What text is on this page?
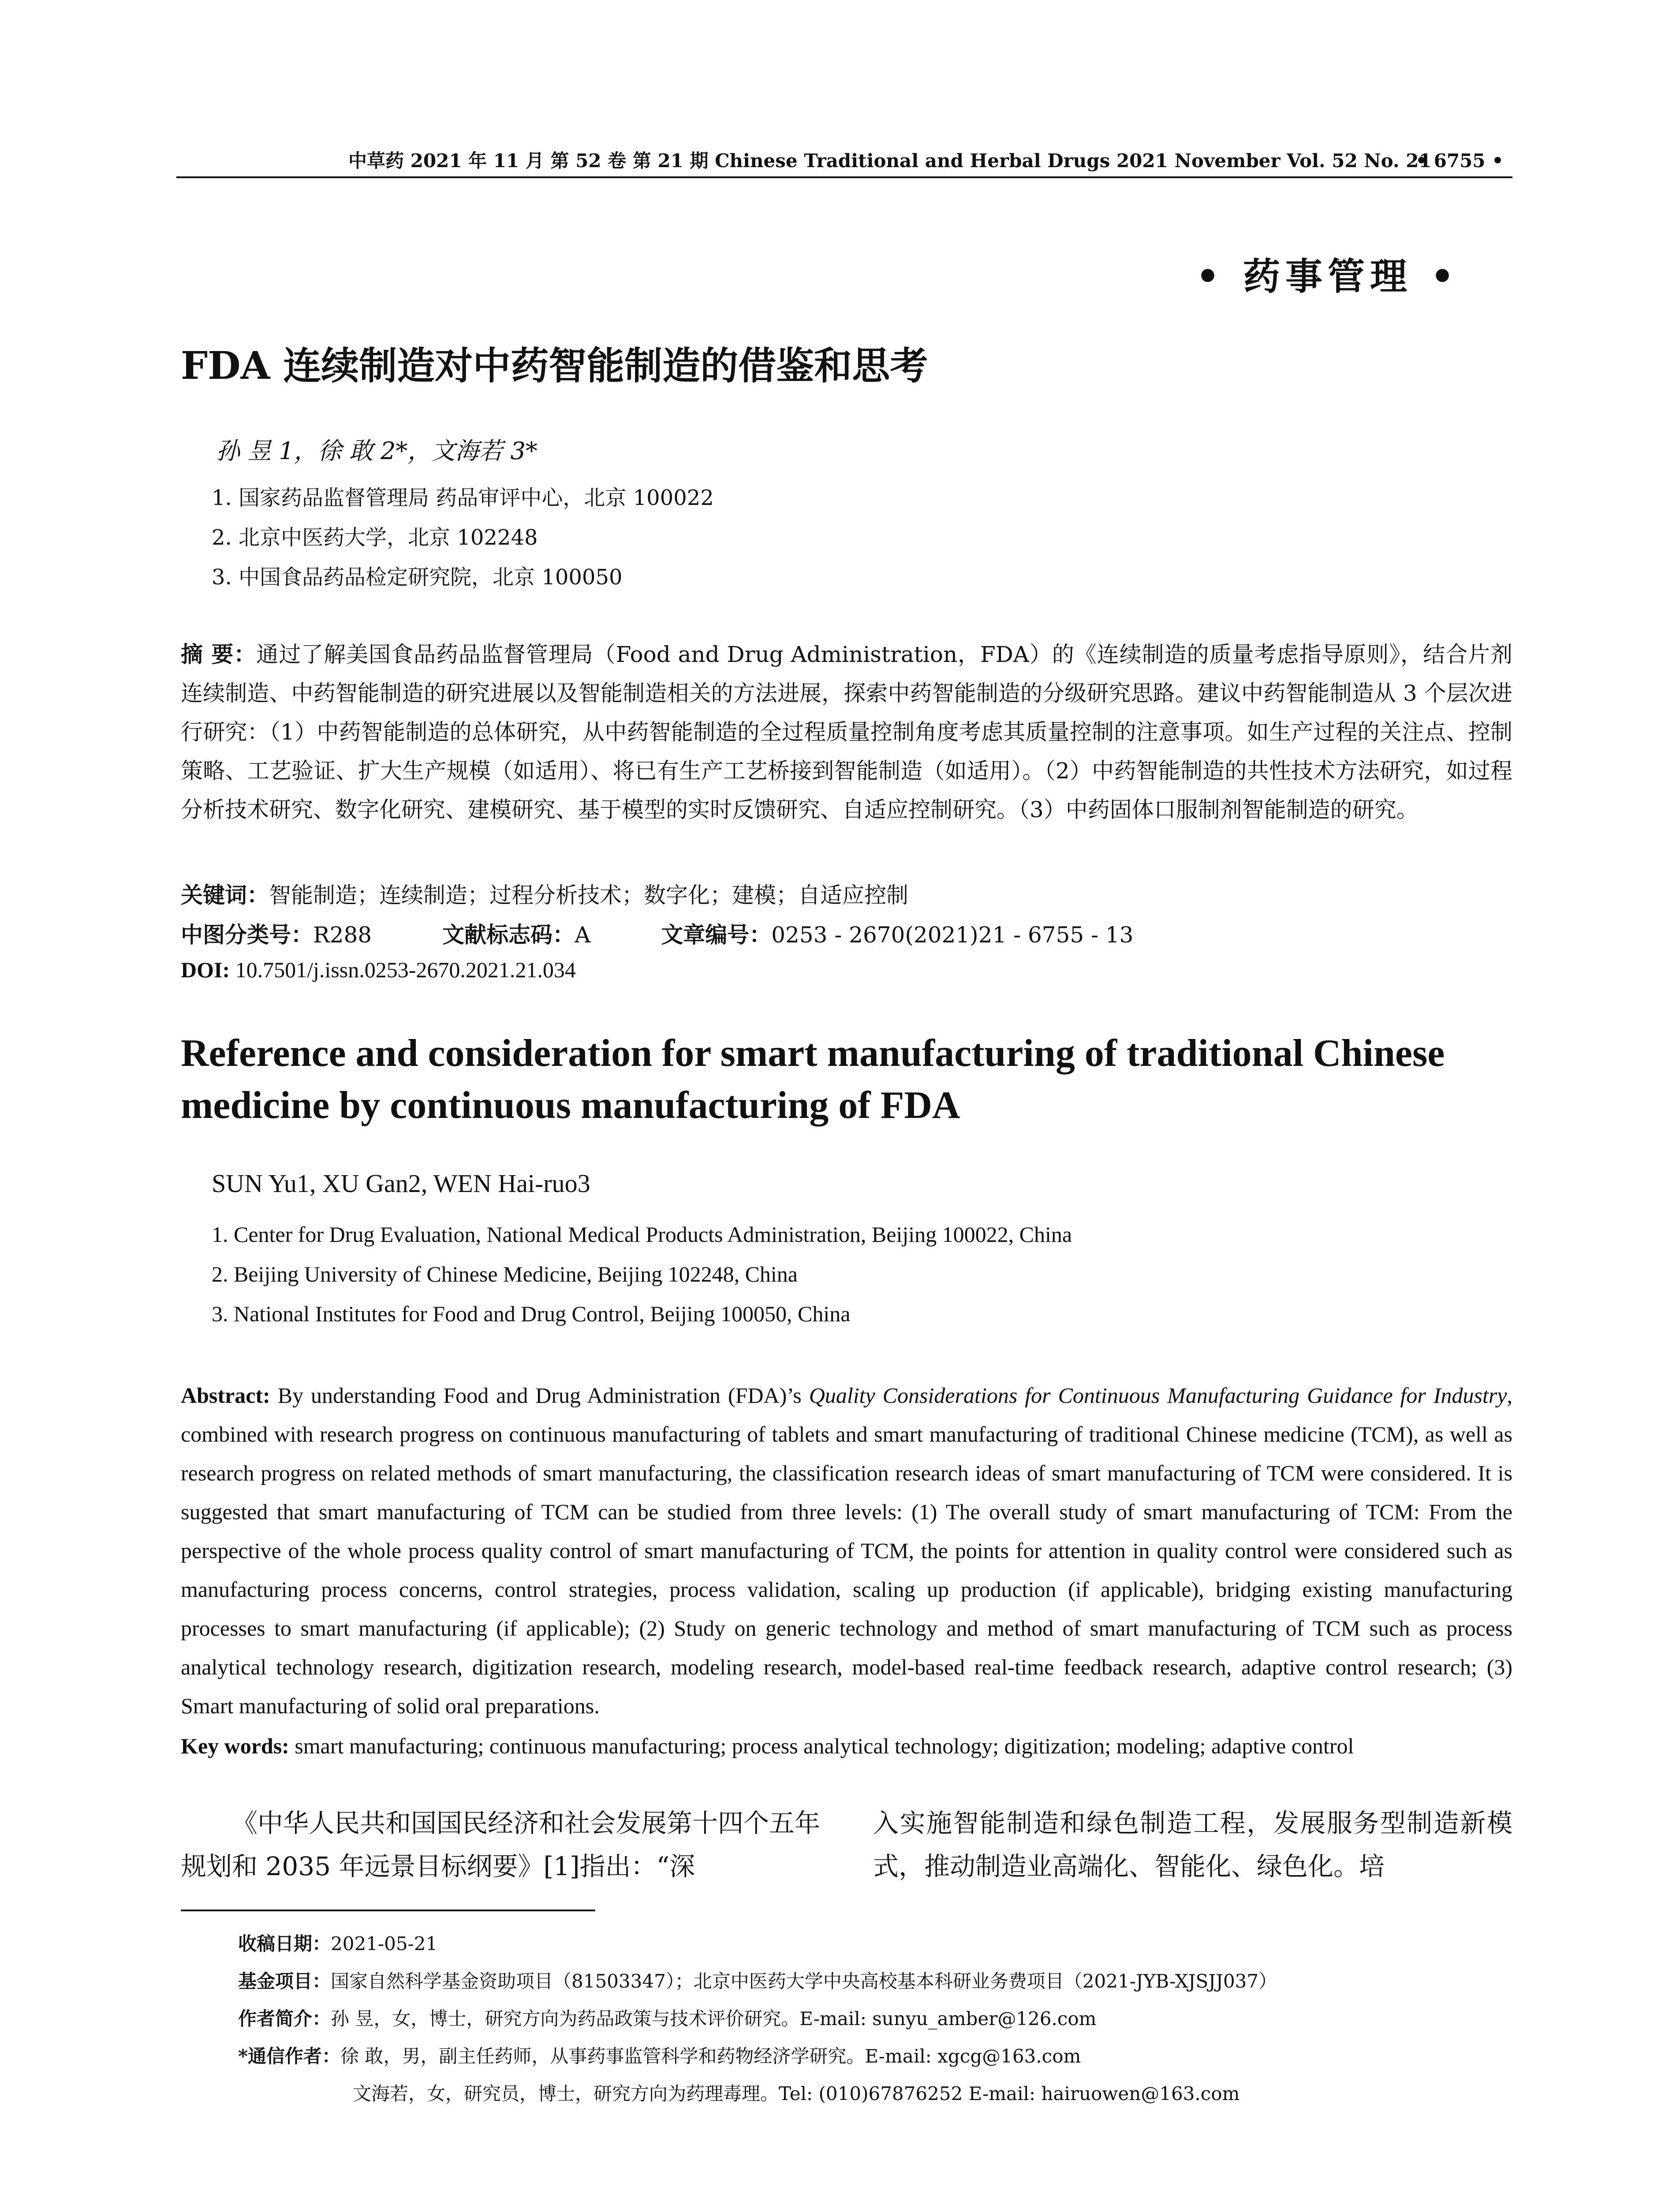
中草药 2021 年 11 月 第 52 卷 第 21 期 Chinese Traditional and Herbal Drugs 2021 November Vol. 52 No. 21
• 6755 •
• 药事管理 •
FDA 连续制造对中药智能制造的借鉴和思考
孙 昱 1，徐 敢 2*，文海若 3*
1. 国家药品监督管理局 药品审评中心，北京 100022
2. 北京中医药大学，北京 102248
3. 中国食品药品检定研究院，北京 100050
摘 要：通过了解美国食品药品监督管理局（Food and Drug Administration，FDA）的《连续制造的质量考虑指导原则》，结合片剂连续制造、中药智能制造的研究进展以及智能制造相关的方法进展，探索中药智能制造的分级研究思路。建议中药智能制造从 3 个层次进行研究：（1）中药智能制造的总体研究，从中药智能制造的全过程质量控制角度考虑其质量控制的注意事项。如生产过程的关注点、控制策略、工艺验证、扩大生产规模（如适用）、将已有生产工艺桥接到智能制造（如适用）。（2）中药智能制造的共性技术方法研究，如过程分析技术研究、数字化研究、建模研究、基于模型的实时反馈研究、自适应控制研究。（3）中药固体口服制剂智能制造的研究。
关键词：智能制造；连续制造；过程分析技术；数字化；建模；自适应控制
中图分类号：R288	文献标志码：A	文章编号：0253 - 2670(2021)21 - 6755 - 13
DOI: 10.7501/j.issn.0253-2670.2021.21.034
Reference and consideration for smart manufacturing of traditional Chinese medicine by continuous manufacturing of FDA
SUN Yu1, XU Gan2, WEN Hai-ruo3
1. Center for Drug Evaluation, National Medical Products Administration, Beijing 100022, China
2. Beijing University of Chinese Medicine, Beijing 102248, China
3. National Institutes for Food and Drug Control, Beijing 100050, China
Abstract: By understanding Food and Drug Administration (FDA)’s Quality Considerations for Continuous Manufacturing Guidance for Industry, combined with research progress on continuous manufacturing of tablets and smart manufacturing of traditional Chinese medicine (TCM), as well as research progress on related methods of smart manufacturing, the classification research ideas of smart manufacturing of TCM were considered. It is suggested that smart manufacturing of TCM can be studied from three levels: (1) The overall study of smart manufacturing of TCM: From the perspective of the whole process quality control of smart manufacturing of TCM, the points for attention in quality control were considered such as manufacturing process concerns, control strategies, process validation, scaling up production (if applicable), bridging existing manufacturing processes to smart manufacturing (if applicable); (2) Study on generic technology and method of smart manufacturing of TCM such as process analytical technology research, digitization research, modeling research, model-based real-time feedback research, adaptive control research; (3) Smart manufacturing of solid oral preparations.
Key words: smart manufacturing; continuous manufacturing; process analytical technology; digitization; modeling; adaptive control
《中华人民共和国国民经济和社会发展第十四个五年规划和 2035 年远景目标纲要》[1]指出：“深
入实施智能制造和绿色制造工程，发展服务型制造新模式，推动制造业高端化、智能化、绿色化。培
收稿日期：2021-05-21
基金项目：国家自然科学基金资助项目（81503347）；北京中医药大学中央高校基本科研业务费项目（2021-JYB-XJSJJ037）
作者简介：孙 昱，女，博士，研究方向为药品政策与技术评价研究。E-mail: sunyu_amber@126.com
*通信作者：徐 敢，男，副主任药师，从事药事监管科学和药物经济学研究。E-mail: xgcg@163.com
文海若，女，研究员，博士，研究方向为药理毒理。Tel: (010)67876252 E-mail: hairuowen@163.com
